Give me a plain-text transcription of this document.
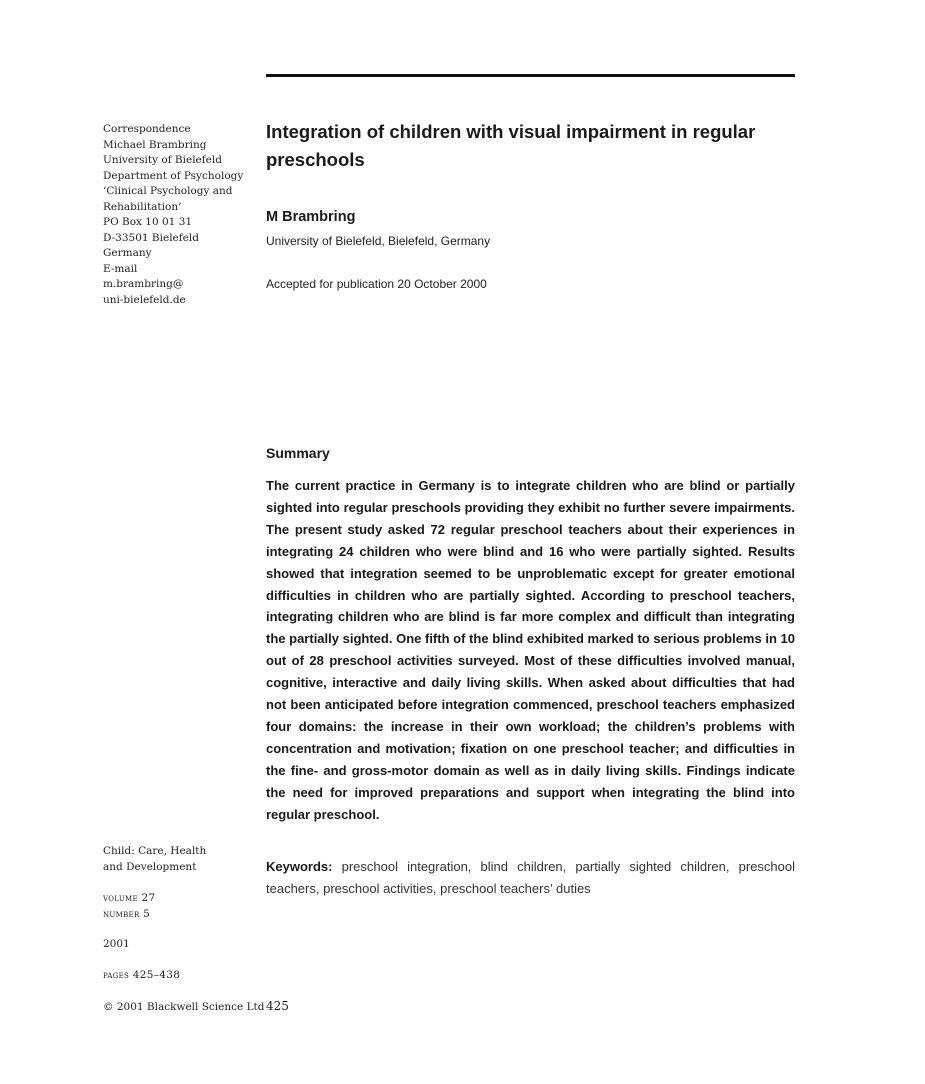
Correspondence
Michael Brambring
University of Bielefeld
Department of Psychology
‘Clinical Psychology and
Rehabilitation’
PO Box 10 01 31
D-33501 Bielefeld
Germany
E-mail
m.brambring@
uni-bielefeld.de
Child: Care, Health
and Development
volume 27
number 5
2001
pages 425–438
© 2001 Blackwell Science Ltd
Integration of children with visual impairment in regular preschools
M Brambring
University of Bielefeld, Bielefeld, Germany
Accepted for publication 20 October 2000
Summary
The current practice in Germany is to integrate children who are blind or partially sighted into regular preschools providing they exhibit no further severe impairments. The present study asked 72 regular preschool teachers about their experiences in integrating 24 children who were blind and 16 who were partially sighted. Results showed that integration seemed to be unproblematic except for greater emotional difficulties in children who are partially sighted. According to preschool teachers, integrating children who are blind is far more complex and difficult than integrating the partially sighted. One fifth of the blind exhibited marked to serious problems in 10 out of 28 preschool activities surveyed. Most of these difficulties involved manual, cognitive, interactive and daily living skills. When asked about difficulties that had not been anticipated before integration commenced, preschool teachers emphasized four domains: the increase in their own workload; the children’s problems with concentration and motivation; fixation on one preschool teacher; and difficulties in the fine- and gross-motor domain as well as in daily living skills. Findings indicate the need for improved preparations and support when integrating the blind into regular preschool.
Keywords: preschool integration, blind children, partially sighted children, preschool teachers, preschool activities, preschool teachers’ duties
425
